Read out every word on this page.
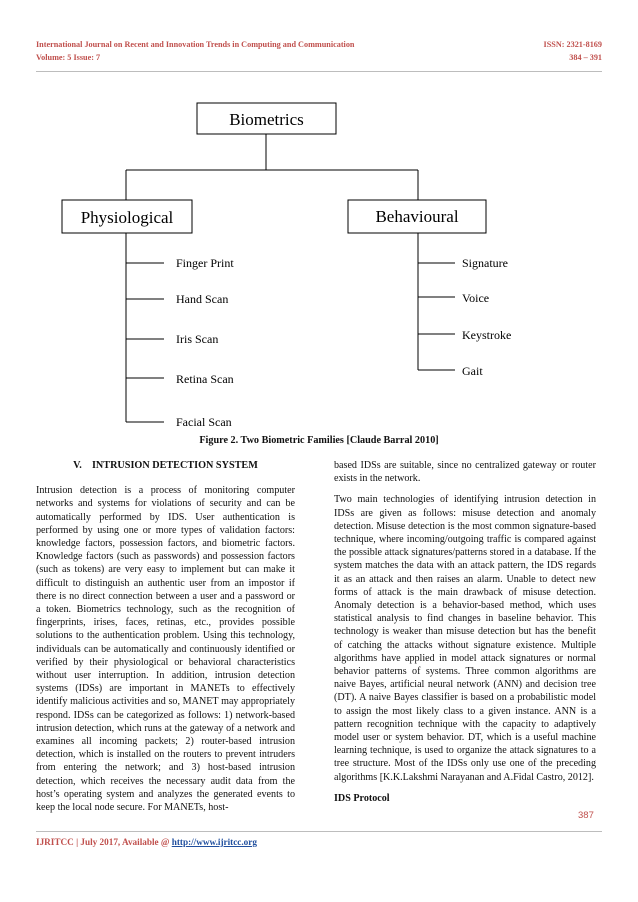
International Journal on Recent and Innovation Trends in Computing and Communication	ISSN: 2321-8169
Volume: 5 Issue: 7	384 – 391
Biometrics
Physiological	Behavioural
Finger Print
Hand Scan
Iris Scan
Retina Scan
Facial Scan
Signature
Voice
Keystroke
Gait
Figure 2. Two Biometric Families [Claude Barral 2010]
V. INTRUSION DETECTION SYSTEM

Intrusion detection is a process of monitoring computer networks and systems for violations of security and can be automatically performed by IDS. User authentication is performed by using one or more types of validation factors: knowledge factors, possession factors, and biometric factors. Knowledge factors (such as passwords) and possession factors (such as tokens) are very easy to implement but can make it difficult to distinguish an authentic user from an impostor if there is no direct connection between a user and a password or a token. Biometrics technology, such as the recognition of fingerprints, irises, faces, retinas, etc., provides possible solutions to the authentication problem. Using this technology, individuals can be automatically and continuously identified or verified by their physiological or behavioral characteristics without user interruption. In addition, intrusion detection systems (IDSs) are important in MANETs to effectively identify malicious activities and so, MANET may appropriately respond. IDSs can be categorized as follows: 1) network-based intrusion detection, which runs at the gateway of a network and examines all incoming packets; 2) router-based intrusion detection, which is installed on the routers to prevent intruders from entering the network; and 3) host-based intrusion detection, which receives the necessary audit data from the host’s operating system and analyzes the generated events to keep the local node secure. For MANETs, host-

based IDSs are suitable, since no centralized gateway or router exists in the network.

Two main technologies of identifying intrusion detection in IDSs are given as follows: misuse detection and anomaly detection. Misuse detection is the most common signature-based technique, where incoming/outgoing traffic is compared against the possible attack signatures/patterns stored in a database. If the system matches the data with an attack pattern, the IDS regards it as an attack and then raises an alarm. Unable to detect new forms of attack is the main drawback of misuse detection. Anomaly detection is a behavior-based method, which uses statistical analysis to find changes in baseline behavior. This technology is weaker than misuse detection but has the benefit of catching the attacks without signature existence. Multiple algorithms have applied in model attack signatures or normal behavior patterns of systems. Three common algorithms are naive Bayes, artificial neural network (ANN) and decision tree (DT). A naive Bayes classifier is based on a probabilistic model to assign the most likely class to a given instance. ANN is a pattern recognition technique with the capacity to adaptively model user or system behavior. DT, which is a useful machine learning technique, is used to organize the attack signatures to a tree structure. Most of the IDSs only use one of the preceding algorithms [K.K.Lakshmi Narayanan and A.Fidal Castro, 2012].

IDS Protocol

387
IJRITCC | July 2017, Available @ http://www.ijritcc.org
